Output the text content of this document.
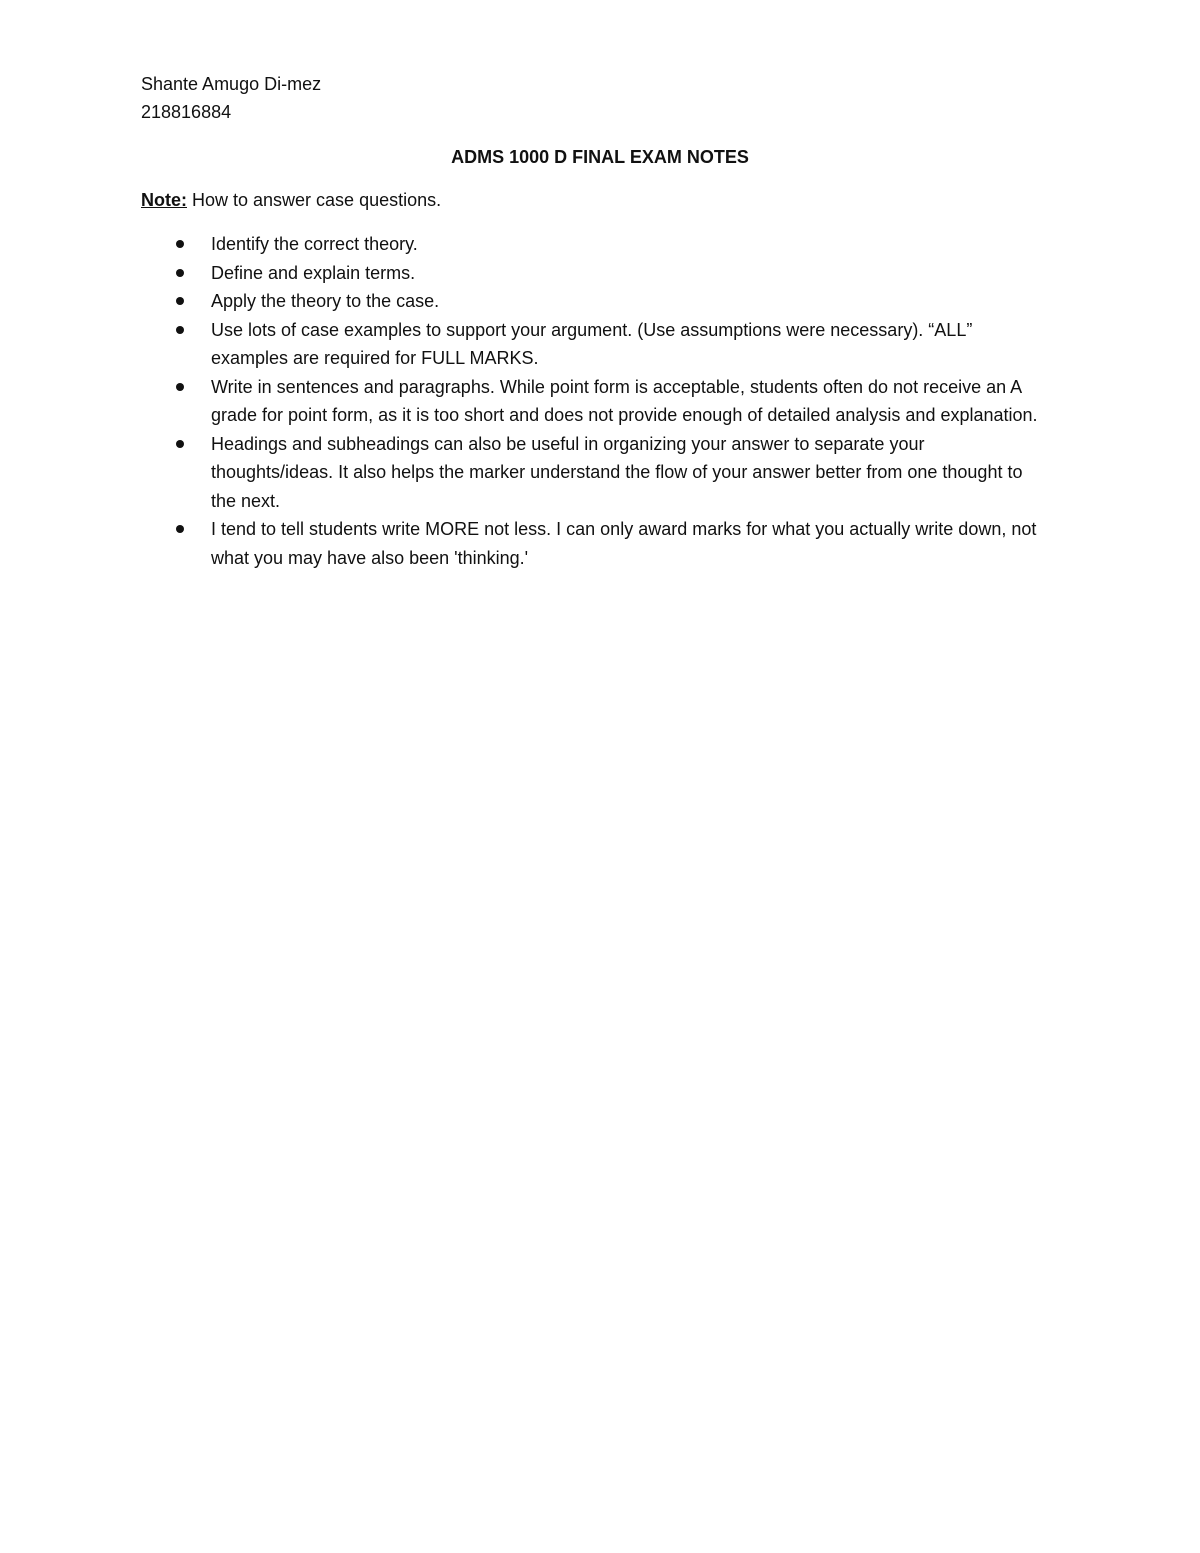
Shante Amugo Di-mez
218816884
ADMS 1000 D FINAL EXAM NOTES
Note: How to answer case questions.
Identify the correct theory.
Define and explain terms.
Apply the theory to the case.
Use lots of case examples to support your argument. (Use assumptions were necessary). “ALL” examples are required for FULL MARKS.
Write in sentences and paragraphs. While point form is acceptable, students often do not receive an A grade for point form, as it is too short and does not provide enough of detailed analysis and explanation.
Headings and subheadings can also be useful in organizing your answer to separate your thoughts/ideas. It also helps the marker understand the flow of your answer better from one thought to the next.
I tend to tell students write MORE not less. I can only award marks for what you actually write down, not what you may have also been 'thinking.'
